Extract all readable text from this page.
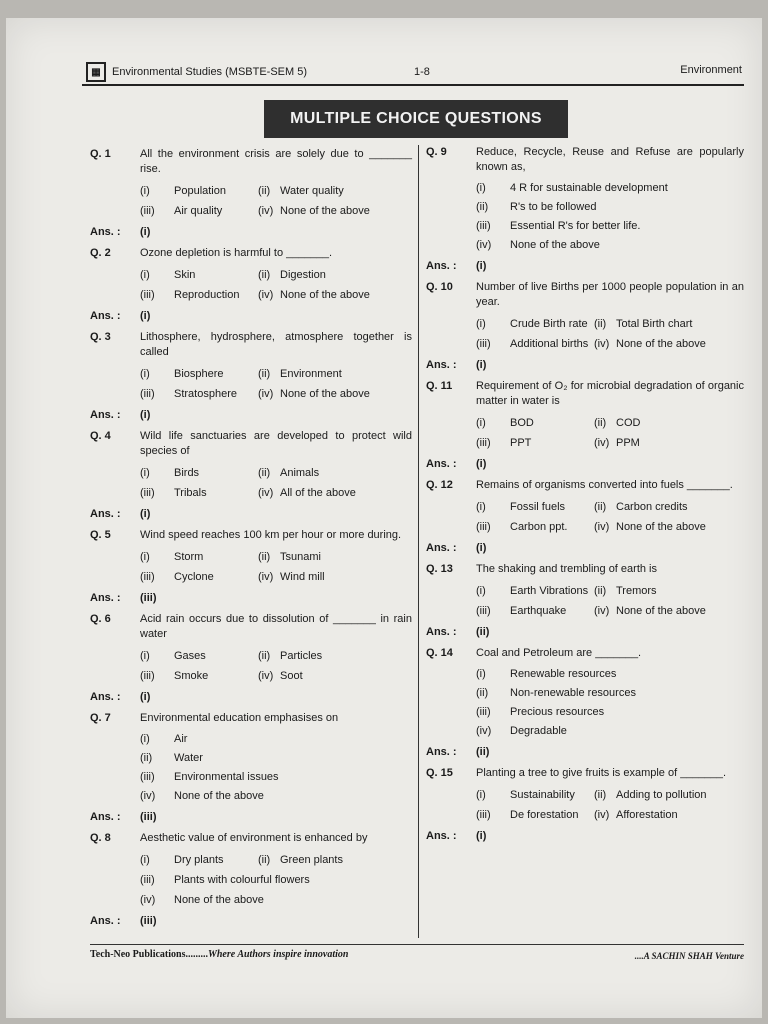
▦	Environmental Studies (MSBTE-SEM 5)	1-8	Environment
MULTIPLE CHOICE QUESTIONS
Q. 1	All the environment crisis are solely due to _______ rise.
(i)	Population	(ii) Water quality
(iii)	Air quality	(iv) None of the above
Ans. :	(i)
Q. 2	Ozone depletion is harmful to _______.
(i)	Skin	(ii) Digestion
(iii)	Reproduction	(iv) None of the above
Ans. :	(i)
Q. 3	Lithosphere, hydrosphere, atmosphere together is called
(i)	Biosphere	(ii) Environment
(iii)	Stratosphere	(iv) None of the above
Ans. :	(i)
Q. 4	Wild life sanctuaries are developed to protect wild species of
(i)	Birds	(ii) Animals
(iii)	Tribals	(iv) All of the above
Ans. :	(i)
Q. 5	Wind speed reaches 100 km per hour or more during.
(i)	Storm	(ii) Tsunami
(iii)	Cyclone	(iv) Wind mill
Ans. :	(iii)
Q. 6	Acid rain occurs due to dissolution of _______ in rain water
(i)	Gases	(ii) Particles
(iii)	Smoke	(iv) Soot
Ans. :	(i)
Q. 7	Environmental education emphasises on
(i)	Air
(ii)	Water
(iii)	Environmental issues
(iv)	None of the above
Ans. :	(iii)
Q. 8	Aesthetic value of environment is enhanced by
(i)	Dry plants	(ii) Green plants
(iii)	Plants with colourful flowers
(iv)	None of the above
Ans. :	(iii)
Q. 9	Reduce, Recycle, Reuse and Refuse are popularly known as,
(i)	4 R for sustainable development
(ii)	R's to be followed
(iii)	Essential R's for better life.
(iv)	None of the above
Ans. :	(i)
Q. 10	Number of live Births per 1000 people population in an year.
(i)	Crude Birth rate (ii) Total Birth chart
(iii)	Additional births (iv) None of the above
Ans. :	(i)
Q. 11	Requirement of O₂ for microbial degradation of organic matter in water is
(i)	BOD	(ii) COD
(iii)	PPT	(iv) PPM
Ans. :	(i)
Q. 12	Remains of organisms converted into fuels _______.
(i)	Fossil fuels	(ii) Carbon credits
(iii)	Carbon ppt.	(iv) None of the above
Ans. :	(i)
Q. 13	The shaking and trembling of earth is
(i)	Earth Vibrations (ii) Tremors
(iii)	Earthquake	(iv) None of the above
Ans. :	(ii)
Q. 14	Coal and Petroleum are _______.
(i)	Renewable resources
(ii)	Non-renewable resources
(iii)	Precious resources
(iv)	Degradable
Ans. :	(ii)
Q. 15	Planting a tree to give fruits is example of _______.
(i)	Sustainability	(ii) Adding to pollution
(iii)	De forestation	(iv) Afforestation
Ans. :	(i)
Tech-Neo Publications.........Where Authors inspire innovation	....A SACHIN SHAH Venture
